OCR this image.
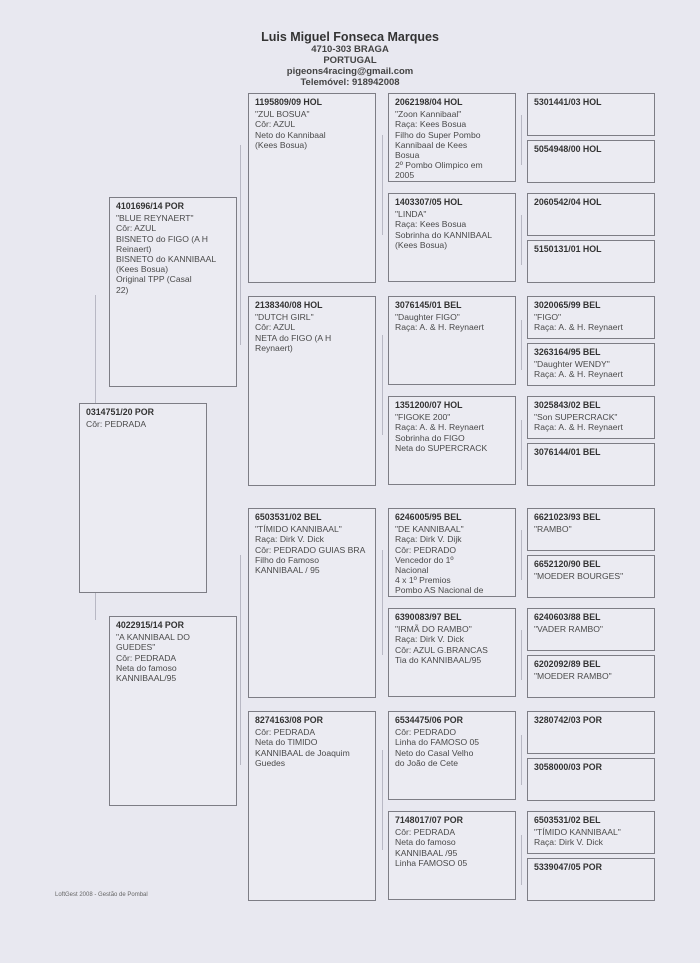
Luis Miguel Fonseca Marques
4710-303 BRAGA
PORTUGAL
pigeons4racing@gmail.com
Telemóvel: 918942008
0314751/20 POR
Côr: PEDRADA
4101696/14 POR
"BLUE REYNAERT"
Côr: AZUL
BISNETO do FIGO (A H
Reinaert)
BISNETO do KANNIBAAL
(Kees Bosua)
Original TPP (Casal
22)
4022915/14 POR
"A KANNIBAAL DO
GUEDES"
Côr: PEDRADA
Neta do famoso
KANNIBAAL/95
1195809/09 HOL
"ZUL BOSUA"
Côr: AZUL
Neto do Kannibaal
(Kees Bosua)
2138340/08 HOL
"DUTCH GIRL"
Côr: AZUL
NETA do FIGO (A H
Reynaert)
6503531/02 BEL
"TÍMIDO KANNIBAAL"
Raça: Dirk V. Dick
Côr: PEDRADO GUIAS BRA
Filho do Famoso
KANNIBAAL / 95
8274163/08 POR
Côr: PEDRADA
Neta do TIMIDO
KANNIBAAL de Joaquim
Guedes
2062198/04 HOL
"Zoon Kannibaal"
Raça: Kees Bosua
Filho do Super Pombo
Kannibaal de Kees
Bosua
2º Pombo Olimpico em
2005
1403307/05 HOL
"LINDA"
Raça: Kees Bosua
Sobrinha do KANNIBAAL
(Kees Bosua)
3076145/01 BEL
"Daughter FIGO"
Raça: A. & H. Reynaert
1351200/07 HOL
"FIGOKE 200"
Raça: A. & H. Reynaert
Sobrinha do FIGO
Neta do SUPERCRACK
6246005/95 BEL
"DE KANNIBAAL"
Raça: Dirk V. Dijk
Côr: PEDRADO
Vencedor do 1º
Nacional
4 x 1º Premios
Pombo AS Nacional de
6390083/97 BEL
"IRMÃ DO RAMBO"
Raça: Dirk V. Dick
Côr: AZUL G.BRANCAS
Tia do KANNIBAAL/95
6534475/06 POR
Côr: PEDRADO
Linha do FAMOSO 05
Neto do Casal Velho
do João de Cete
7148017/07 POR
Côr: PEDRADA
Neta do famoso
KANNIBAAL /95
Linha FAMOSO 05
5301441/03 HOL
5054948/00 HOL
2060542/04 HOL
5150131/01 HOL
3020065/99 BEL
"FIGO"
Raça: A. & H. Reynaert
3263164/95 BEL
"Daughter WENDY"
Raça: A. & H. Reynaert
3025843/02 BEL
"Son SUPERCRACK"
Raça: A. & H. Reynaert
3076144/01 BEL
6621023/93 BEL
"RAMBO"
6652120/90 BEL
"MOEDER BOURGES"
6240603/88 BEL
"VADER RAMBO"
6202092/89 BEL
"MOEDER RAMBO"
3280742/03 POR
3058000/03 POR
6503531/02 BEL
"TÍMIDO KANNIBAAL"
Raça: Dirk V. Dick
5339047/05 POR
LoftGest 2008 - Gestão de Pombal
